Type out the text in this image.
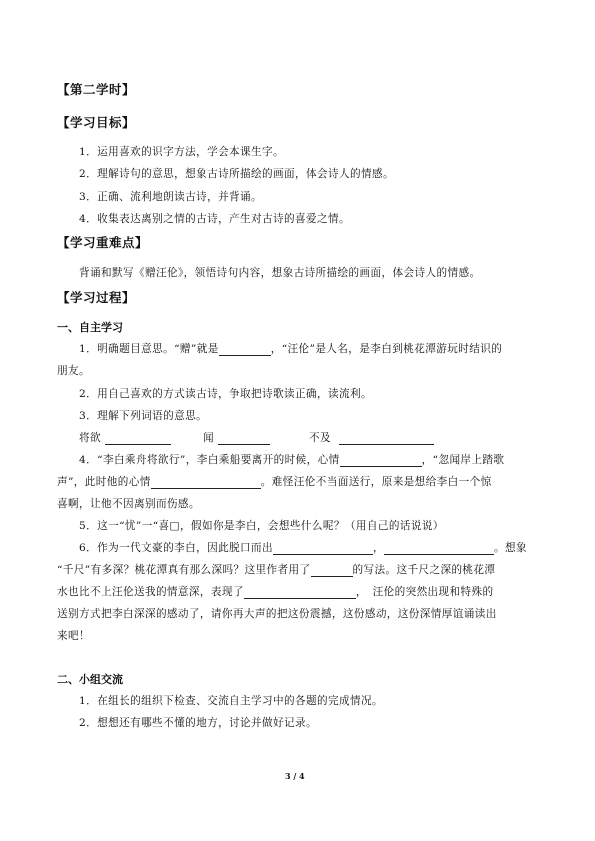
【第二学时】
【学习目标】
1．运用喜欢的识字方法，学会本课生字。
2．理解诗句的意思，想象古诗所描绘的画面，体会诗人的情感。
3．正确、流利地朗读古诗，并背诵。
4．收集表达离别之情的古诗，产生对古诗的喜爱之情。
【学习重难点】
背诵和默写《赠汪伦》，领悟诗句内容，想象古诗所描绘的画面，体会诗人的情感。
【学习过程】
一、自主学习
1．明确题目意思。“赠”就是	，“汪伦”是人名，是李白到桃花潭游玩时结识的
朋友。
2．用自己喜欢的方式读古诗，争取把诗歌读正确，读流利。
3．理解下列词语的意思。
将欲	闻	不及
4．“李白乘舟将欲行”，李白乘船要离开的时候，心情	，“忽闻岸上踏歌
声”，此时他的心情	。难怪汪伦不当面送行，原来是想给李白一个惊
喜啊，让他不因离别而伤感。
5．这一“忧”一“喜□，假如你是李白，会想些什么呢？（用自己的话说说）
6．作为一代文豪的李白，因此脱口而出	，	。想象
“千尺”有多深？桃花潭真有那么深吗？这里作者用了	的写法。这千尺之深的桃花潭
水也比不上汪伦送我的情意深，表现了	，　汪伦的突然出现和特殊的
送别方式把李白深深的感动了，请你再大声的把这份震撼，这份感动，这份深情厚谊诵读出
来吧！
二、小组交流
1．在组长的组织下检查、交流自主学习中的各题的完成情况。
2．想想还有哪些不懂的地方，讨论并做好记录。
3 / 4
